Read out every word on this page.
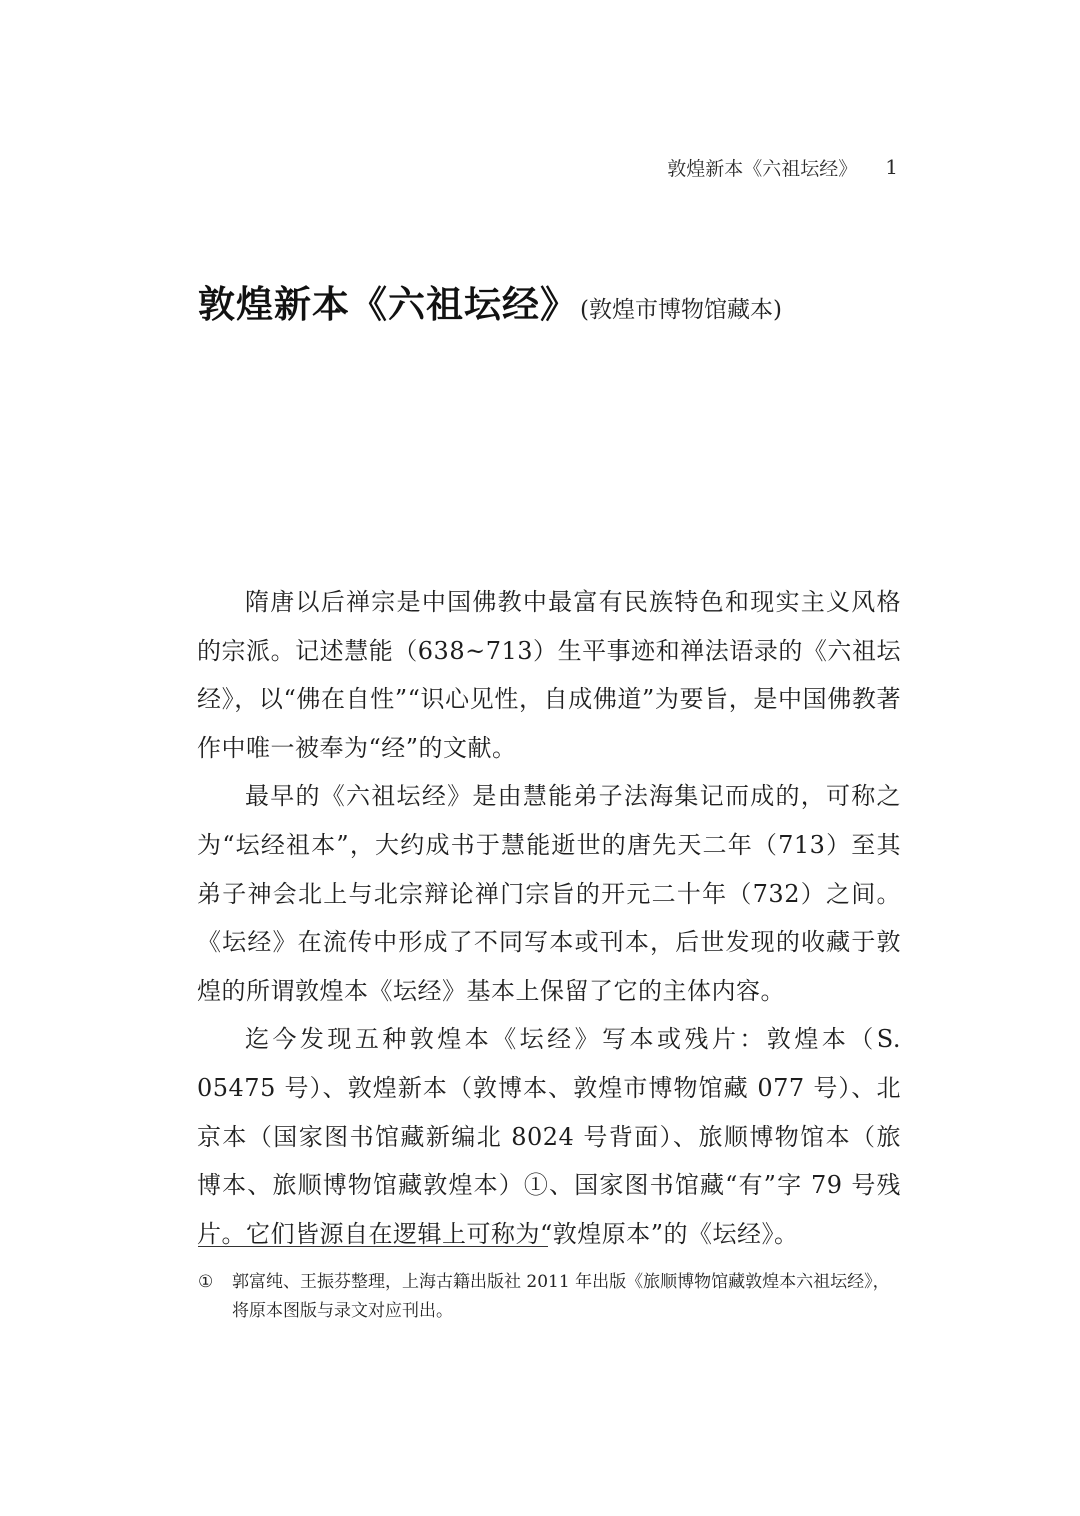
敦煌新本《六祖坛经》 1
敦煌新本《六祖坛经》(敦煌市博物馆藏本)

隋唐以后禅宗是中国佛教中最富有民族特色和现实主义风格的宗派。记述慧能（638~713）生平事迹和禅法语录的《六祖坛经》，以“佛在自性”“识心见性，自成佛道”为要旨，是中国佛教著作中唯一被奉为“经”的文献。

最早的《六祖坛经》是由慧能弟子法海集记而成的，可称之为“坛经祖本”，大约成书于慧能逝世的唐先天二年（713）至其弟子神会北上与北宗辩论禅门宗旨的开元二十年（732）之间。《坛经》在流传中形成了不同写本或刊本，后世发现的收藏于敦煌的所谓敦煌本《坛经》基本上保留了它的主体内容。

迄今发现五种敦煌本《坛经》写本或残片：敦煌本（S. 05475 号）、敦煌新本（敦博本、敦煌市博物馆藏 077 号）、北京本（国家图书馆藏新编北 8024 号背面）、旅顺博物馆本（旅博本、旅顺博物馆藏敦煌本）①、国家图书馆藏“有”字 79 号残片。它们皆源自在逻辑上可称为“敦煌原本”的《坛经》。

①	郭富纯、王振芬整理，上海古籍出版社 2011 年出版《旅顺博物馆藏敦煌本六祖坛经》，将原本图版与录文对应刊出。
